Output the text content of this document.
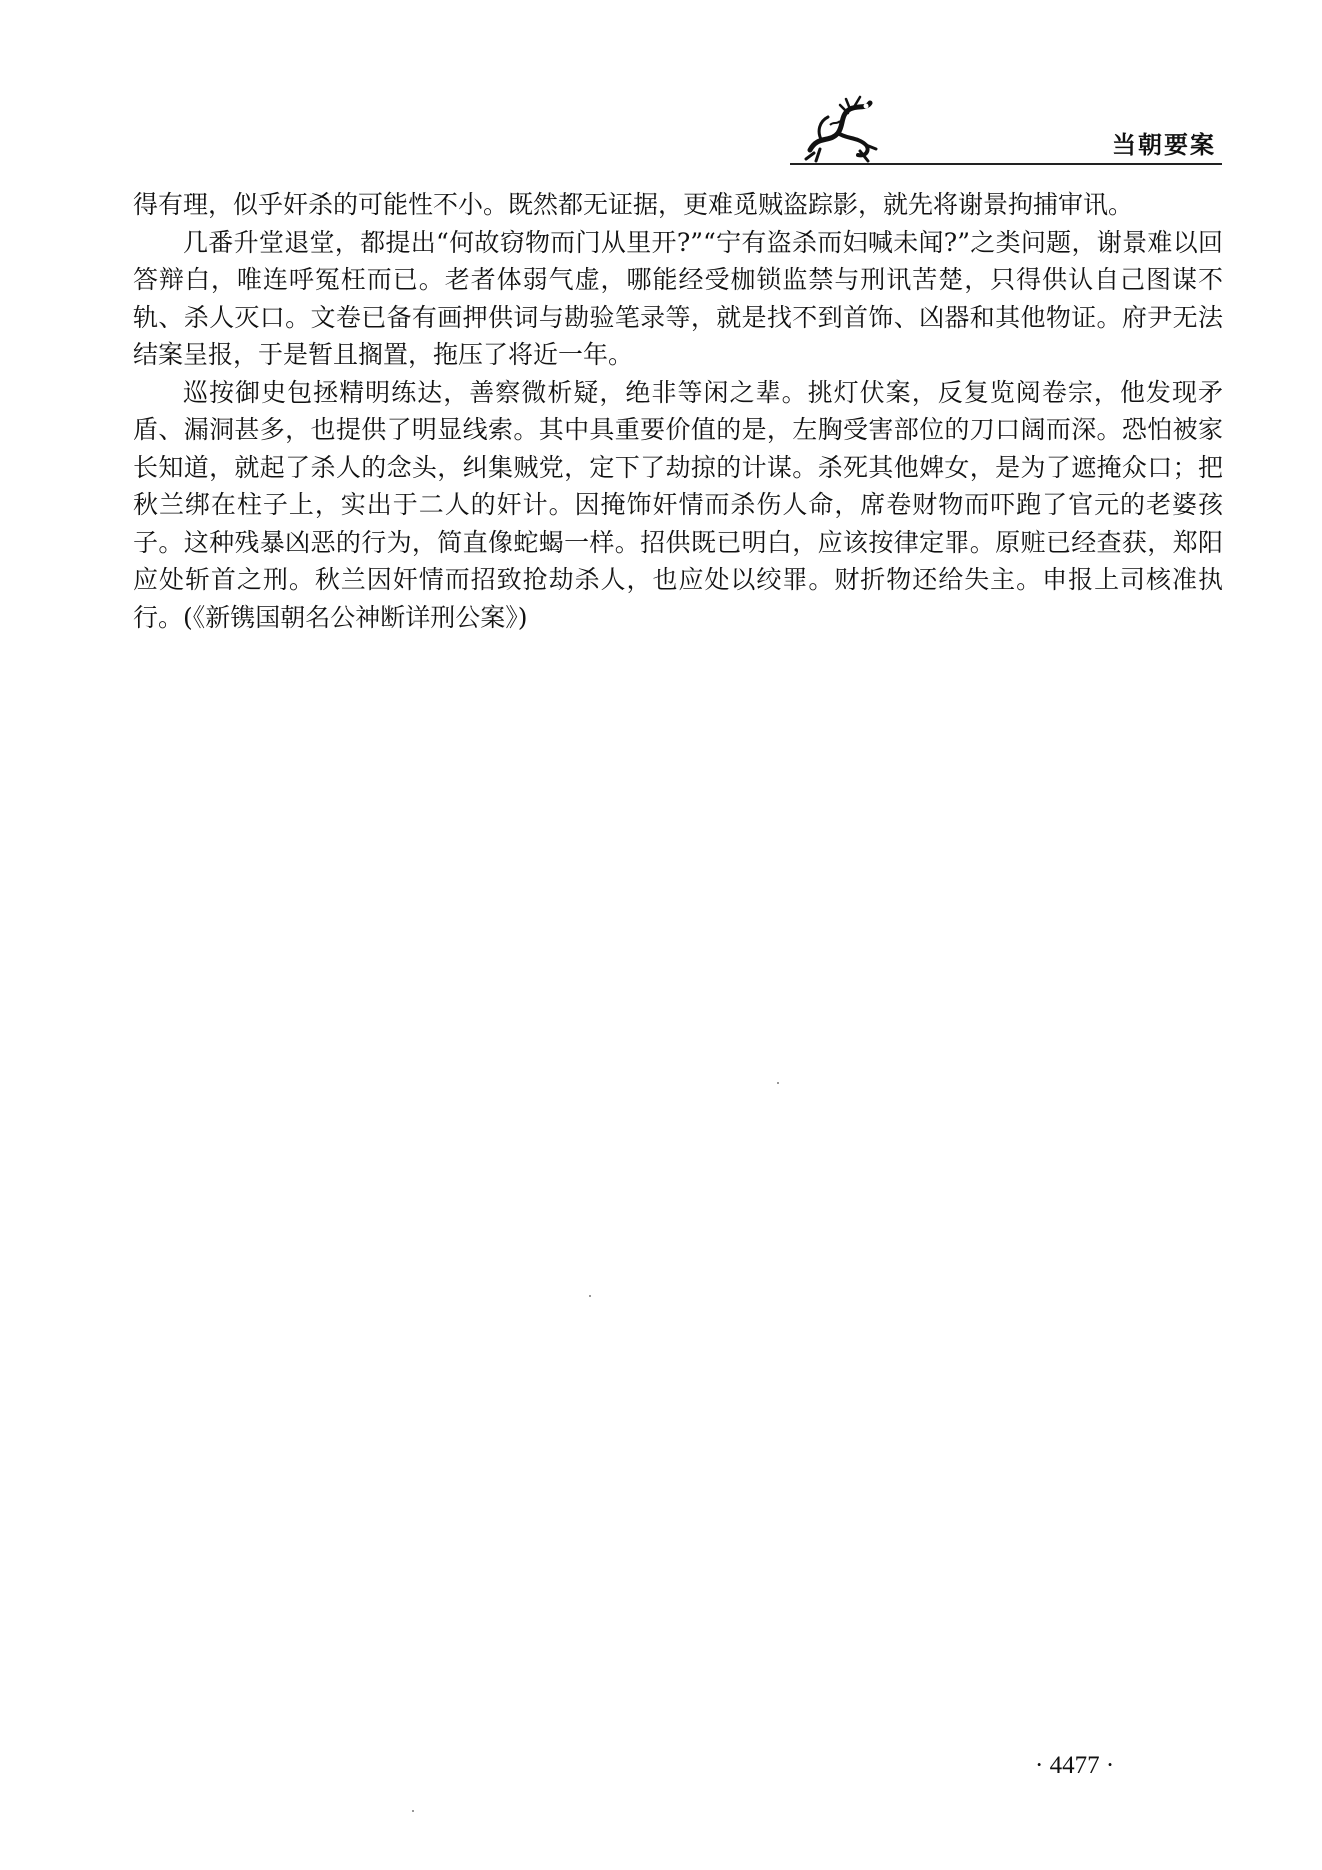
当朝要案

得有理，似乎奸杀的可能性不小。既然都无证据，更难觅贼盗踪影，就先将谢景拘捕审讯。

几番升堂退堂，都提出“何故窃物而门从里开?”“宁有盗杀而妇喊未闻?”之类问题，谢景难以回答辩白，唯连呼冤枉而已。老者体弱气虚，哪能经受枷锁监禁与刑讯苦楚，只得供认自己图谋不轨、杀人灭口。文卷已备有画押供词与勘验笔录等，就是找不到首饰、凶器和其他物证。府尹无法结案呈报，于是暂且搁置，拖压了将近一年。

巡按御史包拯精明练达，善察微析疑，绝非等闲之辈。挑灯伏案，反复览阅卷宗，他发现矛盾、漏洞甚多，也提供了明显线索。其中具重要价值的是，左胸受害部位的刀口阔而深。恐怕被家长知道，就起了杀人的念头，纠集贼党，定下了劫掠的计谋。杀死其他婢女，是为了遮掩众口；把秋兰绑在柱子上，实出于二人的奸计。因掩饰奸情而杀伤人命，席卷财物而吓跑了官元的老婆孩子。这种残暴凶恶的行为，简直像蛇蝎一样。招供既已明白，应该按律定罪。原赃已经查获，郑阳应处斩首之刑。秋兰因奸情而招致抢劫杀人，也应处以绞罪。财折物还给失主。申报上司核准执行。(《新镌国朝名公神断详刑公案》)

· 4477 ·
